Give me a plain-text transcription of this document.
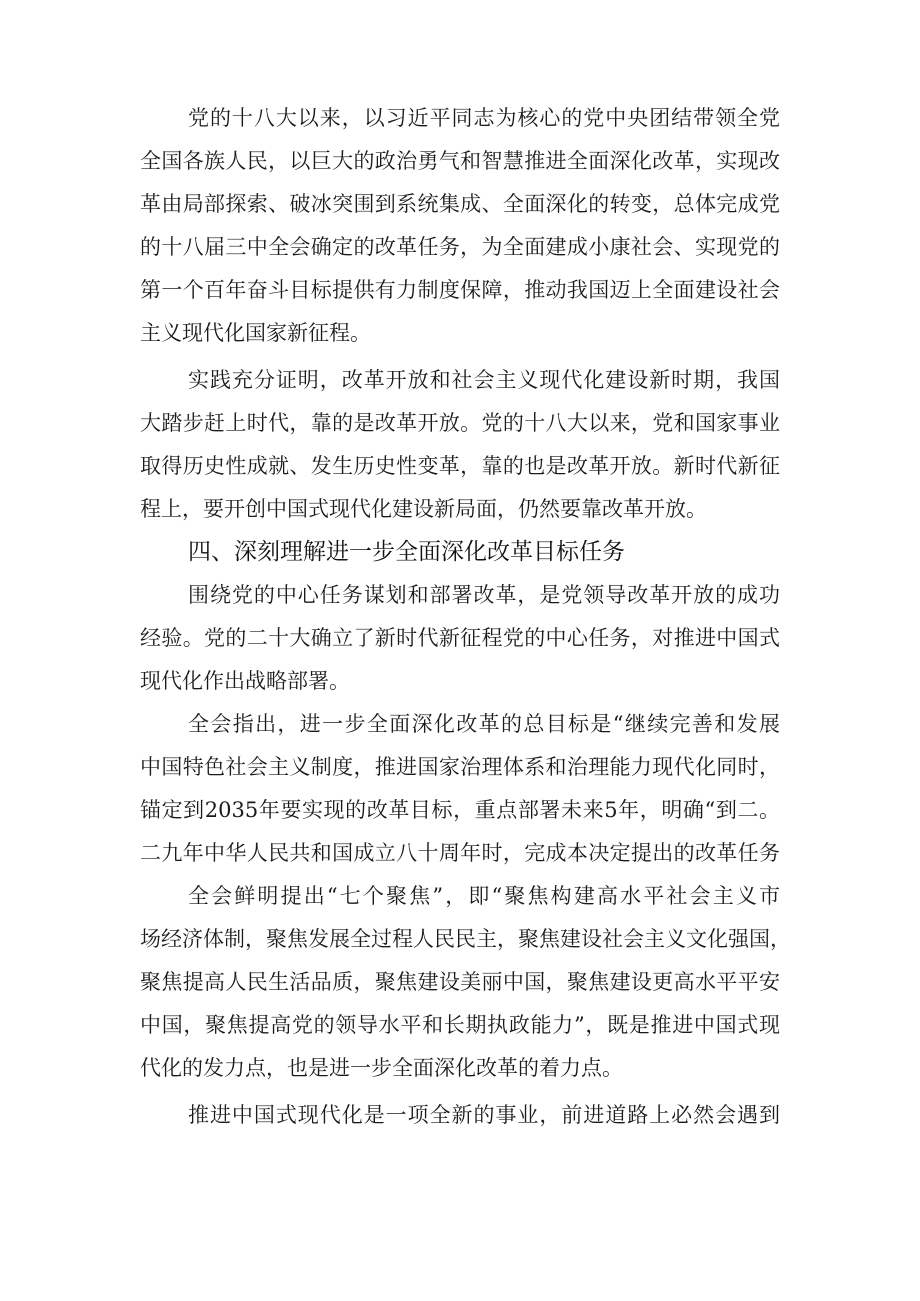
党的十八大以来，以习近平同志为核心的党中央团结带领全党
全国各族人民，以巨大的政治勇气和智慧推进全面深化改革，实现改
革由局部探索、破冰突围到系统集成、全面深化的转变，总体完成党
的十八届三中全会确定的改革任务，为全面建成小康社会、实现党的
第一个百年奋斗目标提供有力制度保障，推动我国迈上全面建设社会
主义现代化国家新征程。
实践充分证明，改革开放和社会主义现代化建设新时期，我国
大踏步赶上时代，靠的是改革开放。党的十八大以来，党和国家事业
取得历史性成就、发生历史性变革，靠的也是改革开放。新时代新征
程上，要开创中国式现代化建设新局面，仍然要靠改革开放。
四、深刻理解进一步全面深化改革目标任务
围绕党的中心任务谋划和部署改革，是党领导改革开放的成功
经验。党的二十大确立了新时代新征程党的中心任务，对推进中国式
现代化作出战略部署。
全会指出，进一步全面深化改革的总目标是“继续完善和发展
中国特色社会主义制度，推进国家治理体系和治理能力现代化同时，
锚定到2035年要实现的改革目标，重点部署未来5年，明确“到二。
二九年中华人民共和国成立八十周年时，完成本决定提出的改革任务
全会鲜明提出“七个聚焦”，即“聚焦构建高水平社会主义市
场经济体制，聚焦发展全过程人民民主，聚焦建设社会主义文化强国，
聚焦提高人民生活品质，聚焦建设美丽中国，聚焦建设更高水平平安
中国，聚焦提高党的领导水平和长期执政能力”，既是推进中国式现
代化的发力点，也是进一步全面深化改革的着力点。
推进中国式现代化是一项全新的事业，前进道路上必然会遇到
